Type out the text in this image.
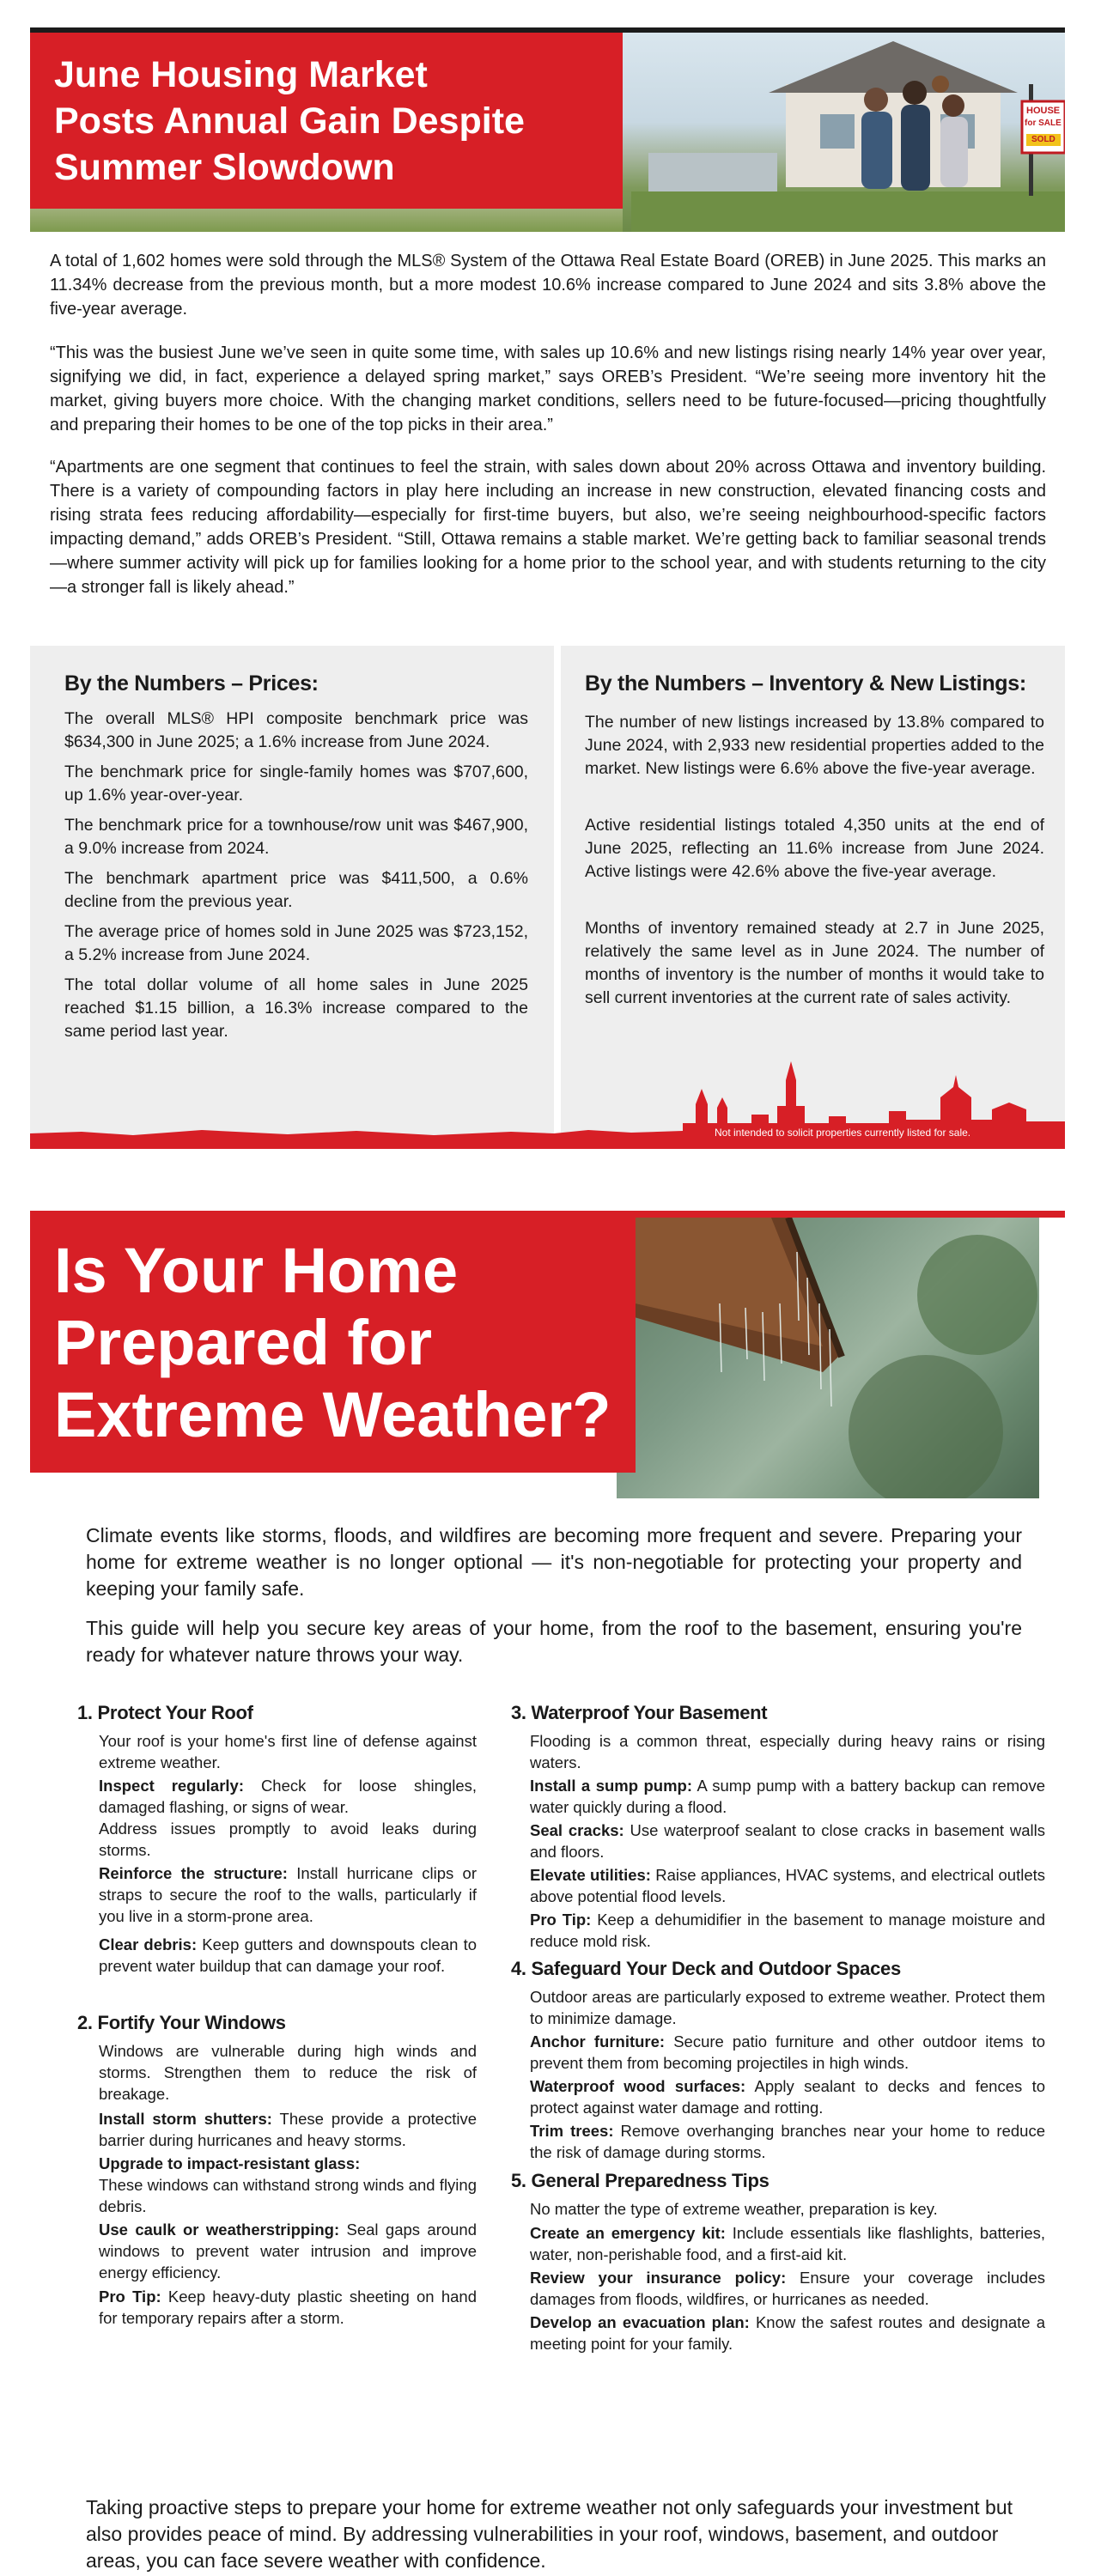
HOUSE
for SALE
SOLD
June Housing Market
Posts Annual Gain Despite
Summer Slowdown

A total of 1,602 homes were sold through the MLS® System of the Ottawa Real Estate Board (OREB) in June 2025. This marks an 11.34% decrease from the previous month, but a more modest 10.6% increase compared to June 2024 and sits 3.8% above the five-year average.

“This was the busiest June we’ve seen in quite some time, with sales up 10.6% and new listings rising nearly 14% year over year, signifying we did, in fact, experience a delayed spring market,” says OREB’s President. “We’re seeing more inventory hit the market, giving buyers more choice. With the changing market conditions, sellers need to be future-focused—pricing thoughtfully and preparing their homes to be one of the top picks in their area.”

“Apartments are one segment that continues to feel the strain, with sales down about 20% across Ottawa and inventory building. There is a variety of compounding factors in play here including an increase in new construction, elevated financing costs and rising strata fees reducing affordability—especially for first-time buyers, but also, we’re seeing neighbourhood-specific factors impacting demand,” adds OREB’s President. “Still, Ottawa remains a stable market. We’re getting back to familiar seasonal trends—where summer activity will pick up for families looking for a home prior to the school year, and with students returning to the city—a stronger fall is likely ahead.”

By the Numbers – Prices:

The overall MLS® HPI composite benchmark price was $634,300 in June 2025; a 1.6% increase from June 2024.

The benchmark price for single-family homes was $707,600, up 1.6% year-over-year.

The benchmark price for a townhouse/row unit was $467,900, a 9.0% increase from 2024.

The benchmark apartment price was $411,500, a 0.6% decline from the previous year.

The average price of homes sold in June 2025 was $723,152, a 5.2% increase from June 2024.

The total dollar volume of all home sales in June 2025 reached $1.15 billion, a 16.3% increase compared to the same period last year.

By the Numbers – Inventory & New Listings:

The number of new listings increased by 13.8% compared to June 2024, with 2,933 new residential properties added to the market. New listings were 6.6% above the five-year average.

Active residential listings totaled 4,350 units at the end of June 2025, reflecting an 11.6% increase from June 2024. Active listings were 42.6% above the five-year average.

Months of inventory remained steady at 2.7 in June 2025, relatively the same level as in June 2024. The number of months of inventory is the number of months it would take to sell current inventories at the current rate of sales activity.

Not intended to solicit properties currently listed for sale.
Is Your Home
Prepared for
Extreme Weather?

Climate events like storms, floods, and wildfires are becoming more frequent and severe. Preparing your home for extreme weather is no longer optional — it's non-negotiable for protecting your property and keeping your family safe.

This guide will help you secure key areas of your home, from the roof to the basement, ensuring you're ready for whatever nature throws your way.

1. Protect Your Roof

Your roof is your home's first line of defense against extreme weather.

Inspect regularly: Check for loose shingles, damaged flashing, or signs of wear.

Address issues promptly to avoid leaks during storms.

Reinforce the structure: Install hurricane clips or straps to secure the roof to the walls, particularly if you live in a storm-prone area.

Clear debris: Keep gutters and downspouts clean to prevent water buildup that can damage your roof.

2. Fortify Your Windows

Windows are vulnerable during high winds and storms. Strengthen them to reduce the risk of breakage.

Install storm shutters: These provide a protective barrier during hurricanes and heavy storms.

Upgrade to impact-resistant glass:
These windows can withstand strong winds and flying debris.

Use caulk or weatherstripping: Seal gaps around windows to prevent water intrusion and improve energy efficiency.

Pro Tip: Keep heavy-duty plastic sheeting on hand for temporary repairs after a storm.

3. Waterproof Your Basement

Flooding is a common threat, especially during heavy rains or rising waters.

Install a sump pump: A sump pump with a battery backup can remove water quickly during a flood.

Seal cracks: Use waterproof sealant to close cracks in basement walls and floors.

Elevate utilities: Raise appliances, HVAC systems, and electrical outlets above potential flood levels.

Pro Tip: Keep a dehumidifier in the basement to manage moisture and reduce mold risk.

4. Safeguard Your Deck and Outdoor Spaces

Outdoor areas are particularly exposed to extreme weather. Protect them to minimize damage.

Anchor furniture: Secure patio furniture and other outdoor items to prevent them from becoming projectiles in high winds.

Waterproof wood surfaces: Apply sealant to decks and fences to protect against water damage and rotting.

Trim trees: Remove overhanging branches near your home to reduce the risk of damage during storms.

5. General Preparedness Tips

No matter the type of extreme weather, preparation is key.

Create an emergency kit: Include essentials like flashlights, batteries, water, non-perishable food, and a first-aid kit.

Review your insurance policy: Ensure your coverage includes damages from floods, wildfires, or hurricanes as needed.

Develop an evacuation plan: Know the safest routes and designate a meeting point for your family.

Taking proactive steps to prepare your home for extreme weather not only safeguards your investment but also provides peace of mind. By addressing vulnerabilities in your roof, windows, basement, and outdoor areas, you can face severe weather with confidence.
